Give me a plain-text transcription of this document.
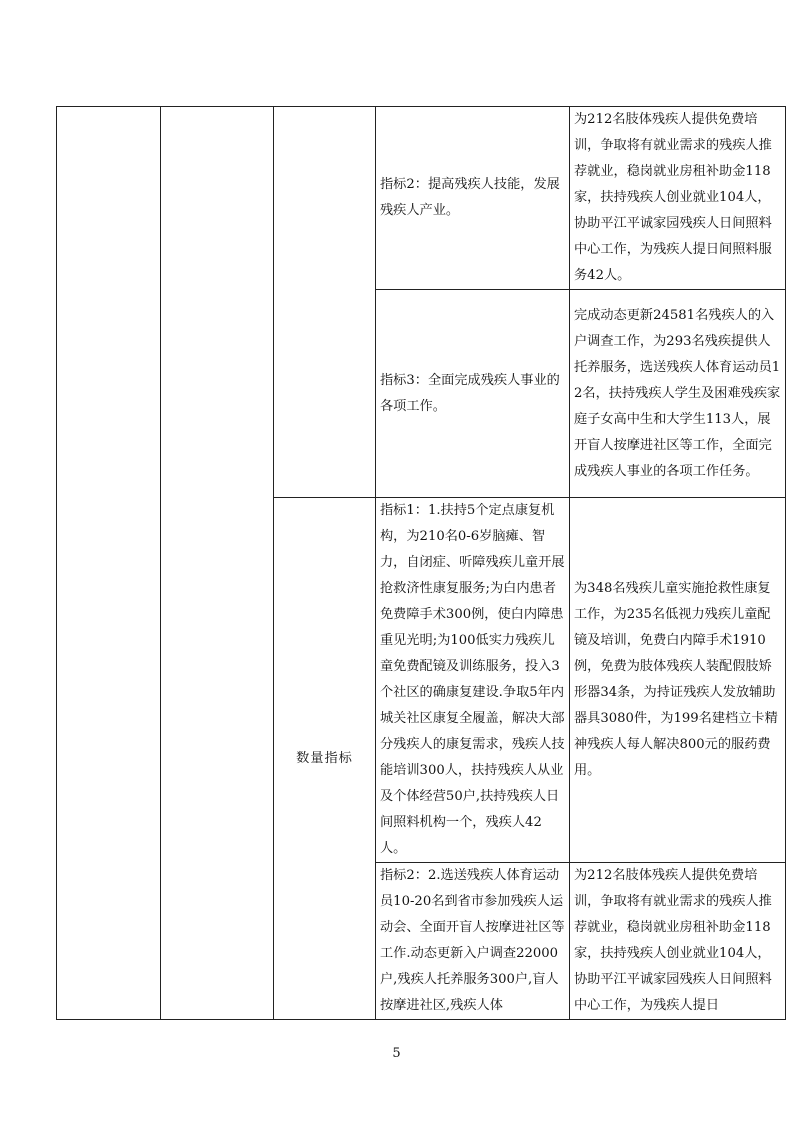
			指标2：提高残疾人技能，发展残疾人产业。	为212名肢体残疾人提供免费培训，争取将有就业需求的残疾人推荐就业，稳岗就业房租补助金118家，扶持残疾人创业就业104人，协助平江平诚家园残疾人日间照料中心工作，为残疾人提日间照料服务42人。
			指标3：全面完成残疾人事业的各项工作。	完成动态更新24581名残疾人的入户调查工作，为293名残疾提供人托养服务，选送残疾人体育运动员12名，扶持残疾人学生及困难残疾家庭子女高中生和大学生113人，展开盲人按摩进社区等工作，全面完成残疾人事业的各项工作任务。
		数量指标	指标1：1.扶持5个定点康复机构，为210名0-6岁脑瘫、智力，自闭症、听障残疾儿童开展抢救济性康复服务;为白内患者免费障手术300例，使白内障患重见光明;为100低实力残疾儿童免费配镜及训练服务，投入3个社区的确康复建设.争取5年内城关社区康复全履盖，解决大部分残疾人的康复需求，残疾人技能培训300人，扶持残疾人从业及个体经营50户,扶持残疾人日间照料机构一个，残疾人42人。	为348名残疾儿童实施抢救性康复工作，为235名低视力残疾儿童配镜及培训，免费白内障手术1910例，免费为肢体残疾人装配假肢矫形器34条，为持证残疾人发放辅助器具3080件，为199名建档立卡精神残疾人每人解决800元的服药费用。
			指标2：2.选送残疾人体育运动员10-20名到省市参加残疾人运动会、全面开盲人按摩进社区等工作.动态更新入户调查22000户,残疾人托养服务300户,盲人按摩进社区,残疾人体	为212名肢体残疾人提供免费培训，争取将有就业需求的残疾人推荐就业，稳岗就业房租补助金118家，扶持残疾人创业就业104人，协助平江平诚家园残疾人日间照料中心工作，为残疾人提日
5
